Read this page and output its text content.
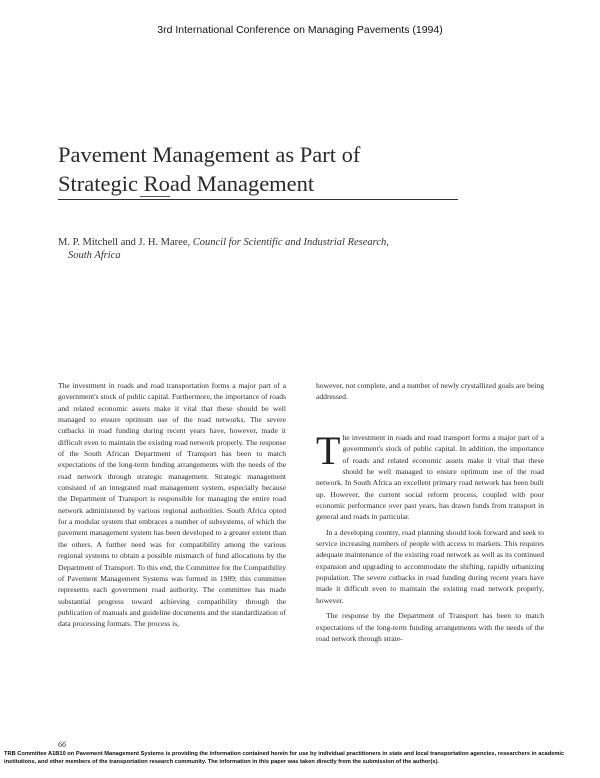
3rd International Conference on Managing Pavements (1994)
Pavement Management as Part of
Strategic Road Management
M. P. Mitchell and J. H. Maree, Council for Scientific and Industrial Research,
South Africa

The investment in roads and road transportation forms a major part of a government's stock of public capital. Furthermore, the importance of roads and related economic assets make it vital that these should be well managed to ensure optimum use of the road networks. The severe cutbacks in road funding during recent years have, however, made it difficult even to maintain the existing road network properly. The response of the South African Department of Transport has been to match expectations of the long-term funding arrangements with the needs of the road network through strategic management. Strategic management consisted of an integrated road management system, especially because the Department of Transport is responsible for managing the entire road network administered by various regional authorities. South Africa opted for a modular system that embraces a number of subsystems, of which the pavement management system has been developed to a greater extent than the others. A further need was for compatibility among the various regional systems to obtain a possible mismatch of fund allocations by the Department of Transport. To this end, the Committee for the Compatibility of Pavement Management Systems was formed in 1989; this committee represents each government road authority. The committee has made substantial progress toward achieving compatibility through the publication of manuals and guideline documents and the standardization of data processing formats. The process is,

however, not complete, and a number of newly crystallized goals are being addressed.

The investment in roads and road transport forms a major part of a government's stock of public capital. In addition, the importance of roads and related economic assets make it vital that these should be well managed to ensure optimum use of the road network. In South Africa an excellent primary road network has been built up. However, the current social reform process, coupled with poor economic performance over past years, has drawn funds from transport in general and roads in particular.

In a developing country, road planning should look forward and seek to service increasing numbers of people with access to markets. This requires adequate maintenance of the existing road network as well as its continued expansion and upgrading to accommodate the shifting, rapidly urbanizing population. The severe cutbacks in road funding during recent years have made it difficult even to maintain the existing road network properly, however.

The response by the Department of Transport has been to match expectations of the long-term funding arrangements with the needs of the road network through strate-

66
TRB Committee A1B10 on Pavement Management Systems is providing the information contained herein for use by individual practitioners in state and local transportation agencies, researchers in academic institutions, and other members of the transportation research community. The information in this paper was taken directly from the submission of the author(s).
